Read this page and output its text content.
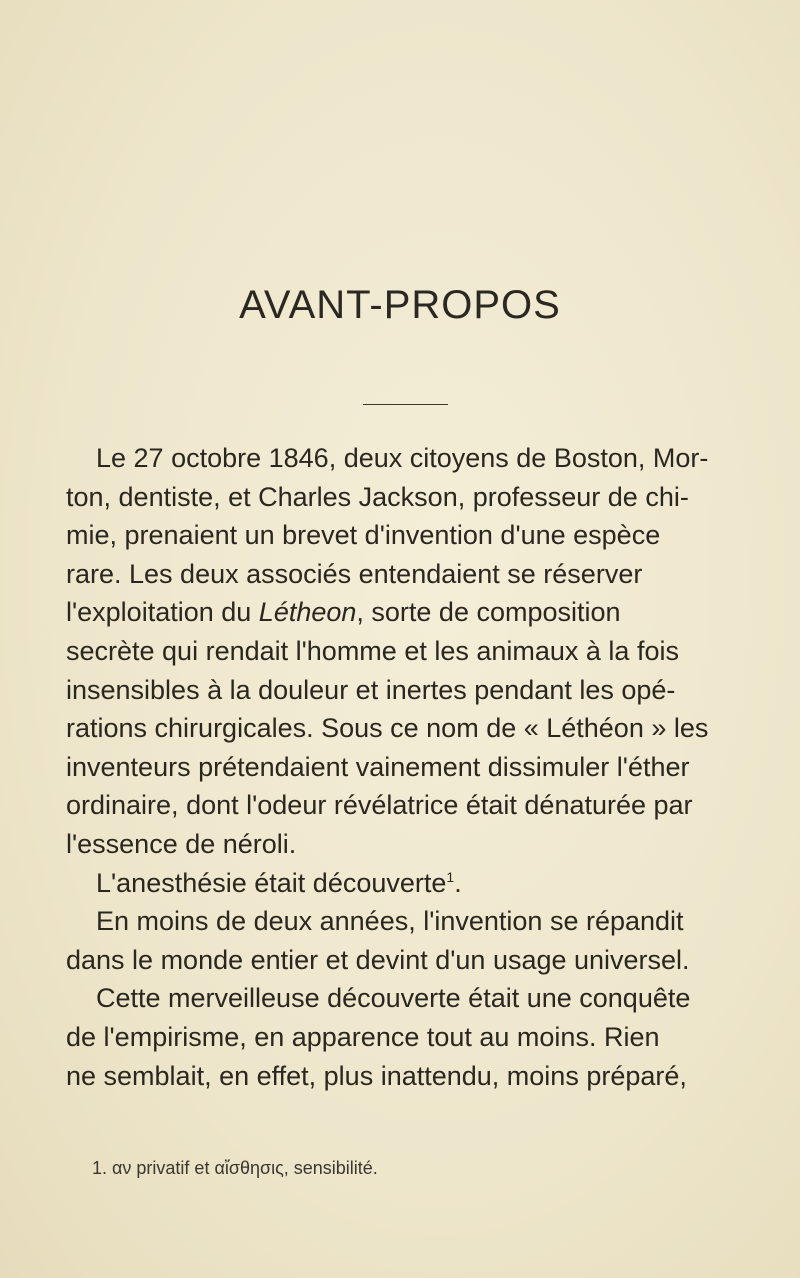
AVANT-PROPOS

Le 27 octobre 1846, deux citoyens de Boston, Mor-

ton, dentiste, et Charles Jackson, professeur de chi-

mie, prenaient un brevet d'invention d'une espèce

rare. Les deux associés entendaient se réserver

l'exploitation du Létheon, sorte de composition

secrète qui rendait l'homme et les animaux à la fois

insensibles à la douleur et inertes pendant les opé-

rations chirurgicales. Sous ce nom de « Léthéon » les

inventeurs prétendaient vainement dissimuler l'éther

ordinaire, dont l'odeur révélatrice était dénaturée par

l'essence de néroli.

L'anesthésie était découverte$^1$.

En moins de deux années, l'invention se répandit

dans le monde entier et devint d'un usage universel.

Cette merveilleuse découverte était une conquête

de l'empirisme, en apparence tout au moins. Rien

ne semblait, en effet, plus inattendu, moins préparé,

1. αν privatif et αἴσθησις, sensibilité.
